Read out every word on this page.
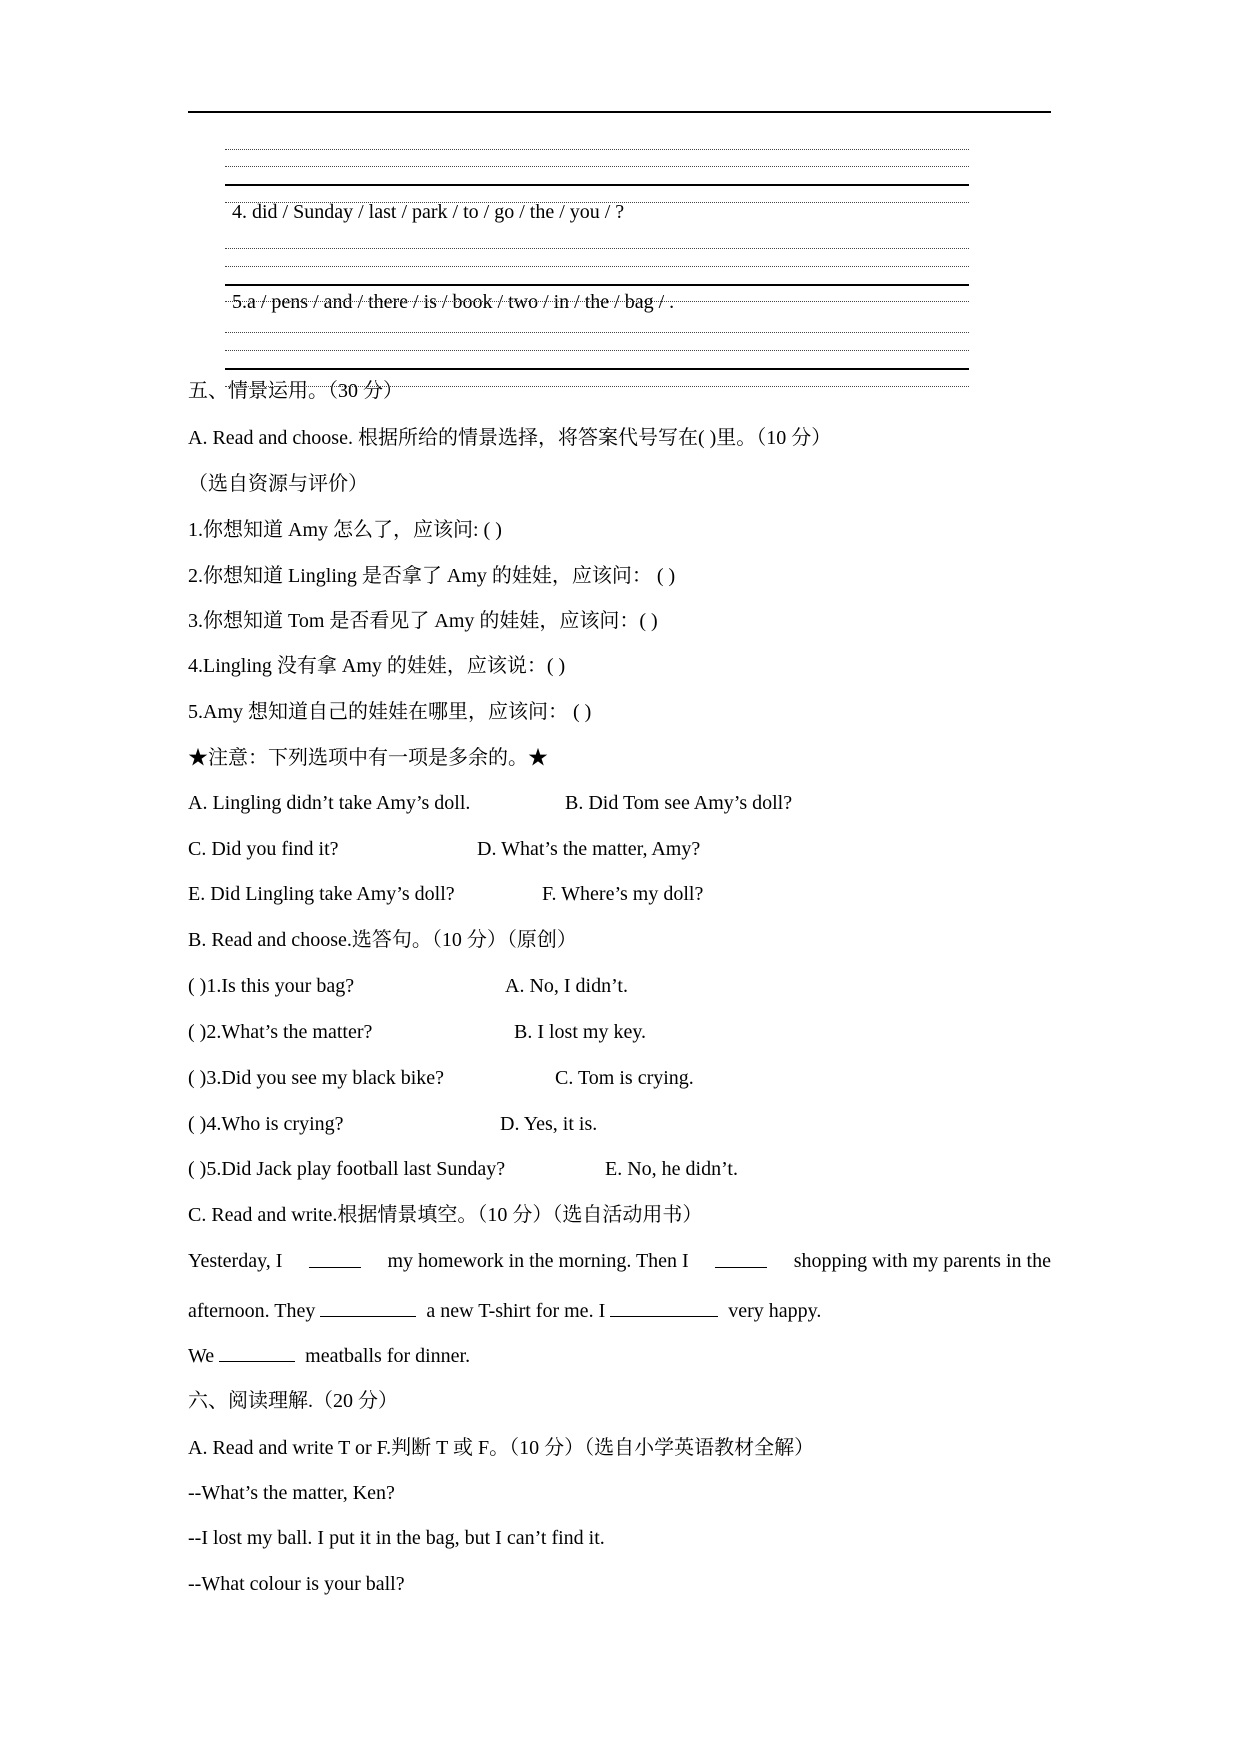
4. did / Sunday / last / park / to / go / the / you / ?
5.a / pens / and / there / is / book / two / in / the / bag / .
五、情景运用。（30 分）
A. Read and choose. 根据所给的情景选择，将答案代号写在( )里。（10 分）
（选自资源与评价）
1.你想知道 Amy 怎么了，应该问: ( )
2.你想知道 Lingling 是否拿了 Amy 的娃娃，应该问： ( )
3.你想知道 Tom 是否看见了 Amy 的娃娃，应该问：( )
4.Lingling 没有拿 Amy 的娃娃，应该说：( )
5.Amy 想知道自己的娃娃在哪里，应该问： ( )
★注意：下列选项中有一项是多余的。★
A. Lingling didn’t take Amy’s doll.	B. Did Tom see Amy’s doll?
C. Did you find it?	D. What’s the matter, Amy?
E. Did Lingling take Amy’s doll?	F. Where’s my doll?
B. Read and choose.选答句。（10 分）（原创）
( )1.Is this your bag?	A. No, I didn’t.
( )2.What’s the matter?	B. I lost my key.
( )3.Did you see my black bike?	C. Tom is crying.
( )4.Who is crying?	D. Yes, it is.
( )5.Did Jack play football last Sunday?	E. No, he didn’t.
C. Read and write.根据情景填空。（10 分）（选自活动用书）
Yesterday, I	my homework in the morning. Then I	shopping with my parents in the
afternoon. They	a new T-shirt for me. I	very happy.
We	meatballs for dinner.
六、阅读理解.（20 分）
A. Read and write T or F.判断 T 或 F。（10 分）（选自小学英语教材全解）
--What’s the matter, Ken?
--I lost my ball. I put it in the bag, but I can’t find it.
--What colour is your ball?
